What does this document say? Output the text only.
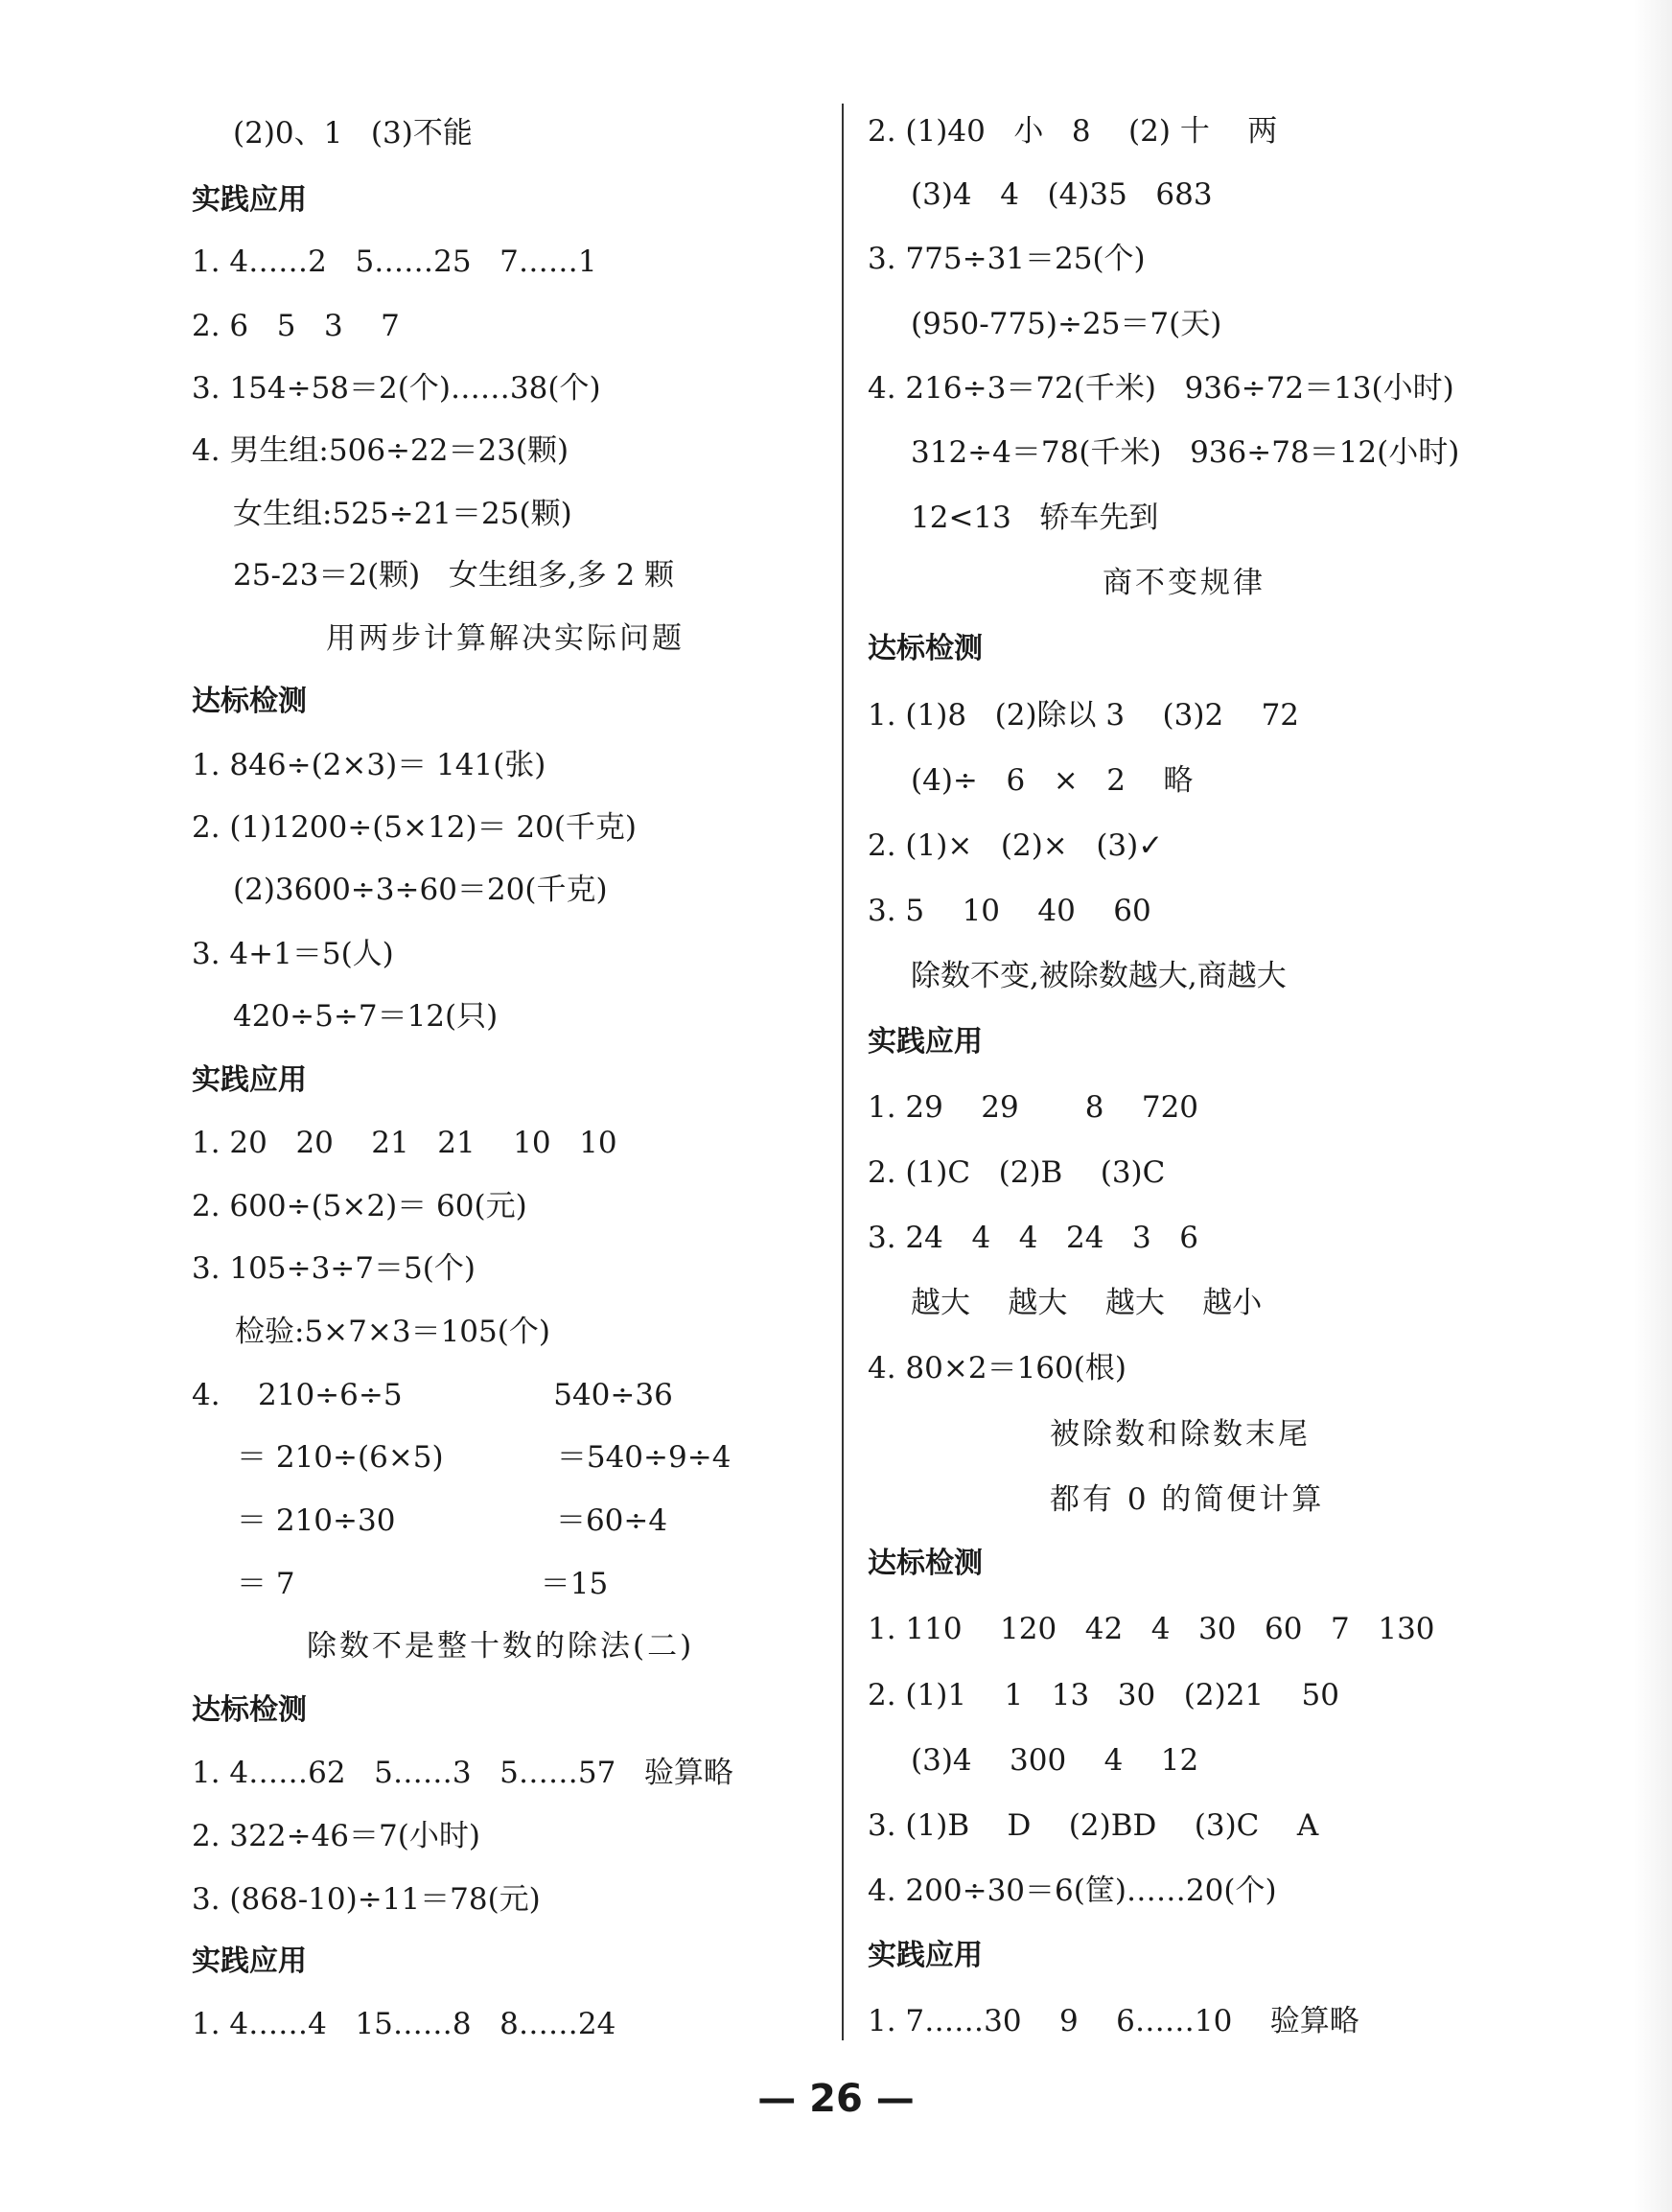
(2)0、1   (3)不能
实践应用
1. 4……2   5……25   7……1
2. 6   5   3    7
3. 154÷58＝2(个)……38(个)
4. 男生组:506÷22＝23(颗)
女生组:525÷21＝25(颗)
25-23＝2(颗)   女生组多,多 2 颗
用两步计算解决实际问题
达标检测
1. 846÷(2×3)＝ 141(张)
2. (1)1200÷(5×12)＝ 20(千克)
(2)3600÷3÷60＝20(千克)
3. 4+1＝5(人)
420÷5÷7＝12(只)
实践应用
1. 20   20    21   21    10   10
2. 600÷(5×2)＝ 60(元)
3. 105÷3÷7＝5(个)
检验:5×7×3＝105(个)
4.    210÷6÷5                540÷36
＝ 210÷(6×5)            ＝540÷9÷4
＝ 210÷30                 ＝60÷4
＝ 7                          ＝15
除数不是整十数的除法(二)
达标检测
1. 4……62   5……3   5……57   验算略
2. 322÷46＝7(小时)
3. (868-10)÷11＝78(元)
实践应用
1. 4……4   15……8   8……24
2. (1)40   小   8    (2) 十    两
(3)4   4   (4)35   683
3. 775÷31＝25(个)
(950-775)÷25＝7(天)
4. 216÷3＝72(千米)   936÷72＝13(小时)
312÷4＝78(千米)   936÷78＝12(小时)
12<13   轿车先到
商不变规律
达标检测
1. (1)8   (2)除以 3    (3)2    72
(4)÷   6   ×   2    略
2. (1)×   (2)×   (3)✓
3. 5    10    40    60
除数不变,被除数越大,商越大
实践应用
1. 29    29       8    720
2. (1)C   (2)B    (3)C
3. 24   4   4   24   3   6
越大    越大    越大    越小
4. 80×2＝160(根)
被除数和除数末尾
都有 0 的简便计算
达标检测
1. 110    120   42   4   30   60   7   130
2. (1)1    1   13   30   (2)21    50
(3)4    300    4    12
3. (1)B    D    (2)BD    (3)C    A
4. 200÷30＝6(筐)……20(个)
实践应用
1. 7……30    9    6……10    验算略
— 26 —
